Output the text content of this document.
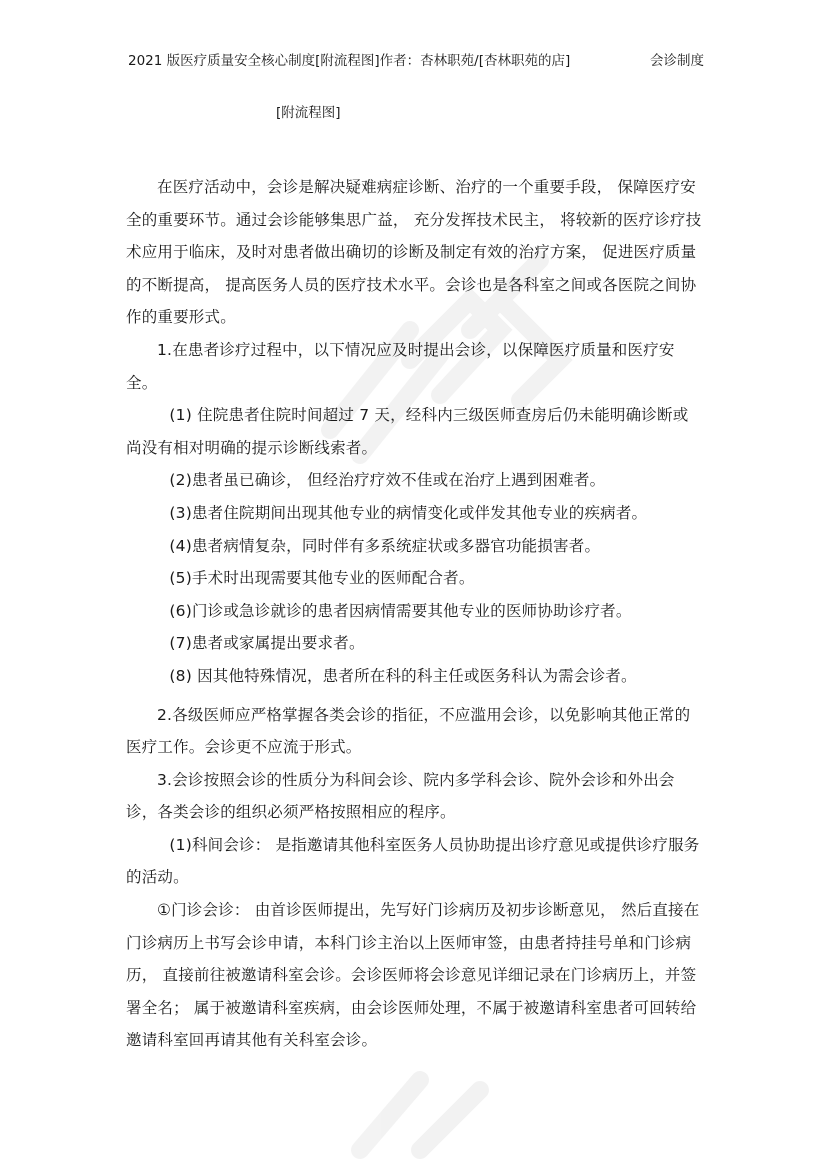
2021 版医疗质量安全核心制度[附流程图]作者：杏林职苑/[杏林职苑的店]	会诊制度
[附流程图]

在医疗活动中，会诊是解决疑难病症诊断、治疗的一个重要手段， 保障医疗安全的重要环节。通过会诊能够集思广益， 充分发挥技术民主， 将较新的医疗诊疗技术应用于临床，及时对患者做出确切的诊断及制定有效的治疗方案， 促进医疗质量的不断提高， 提高医务人员的医疗技术水平。会诊也是各科室之间或各医院之间协作的重要形式。

1.在患者诊疗过程中，以下情况应及时提出会诊，以保障医疗质量和医疗安全。

(1) 住院患者住院时间超过 7 天，经科内三级医师查房后仍未能明确诊断或尚没有相对明确的提示诊断线索者。

(2)患者虽已确诊， 但经治疗疗效不佳或在治疗上遇到困难者。

(3)患者住院期间出现其他专业的病情变化或伴发其他专业的疾病者。

(4)患者病情复杂，同时伴有多系统症状或多器官功能损害者。

(5)手术时出现需要其他专业的医师配合者。

(6)门诊或急诊就诊的患者因病情需要其他专业的医师协助诊疗者。

(7)患者或家属提出要求者。

(8) 因其他特殊情况，患者所在科的科主任或医务科认为需会诊者。

2.各级医师应严格掌握各类会诊的指征，不应滥用会诊，以免影响其他正常的医疗工作。会诊更不应流于形式。

3.会诊按照会诊的性质分为科间会诊、院内多学科会诊、院外会诊和外出会诊，各类会诊的组织必须严格按照相应的程序。

(1)科间会诊： 是指邀请其他科室医务人员协助提出诊疗意见或提供诊疗服务的活动。

①门诊会诊： 由首诊医师提出，先写好门诊病历及初步诊断意见， 然后直接在门诊病历上书写会诊申请，本科门诊主治以上医师审签，由患者持挂号单和门诊病历， 直接前往被邀请科室会诊。会诊医师将会诊意见详细记录在门诊病历上，并签署全名； 属于被邀请科室疾病，由会诊医师处理，不属于被邀请科室患者可回转给邀请科室回再请其他有关科室会诊。
